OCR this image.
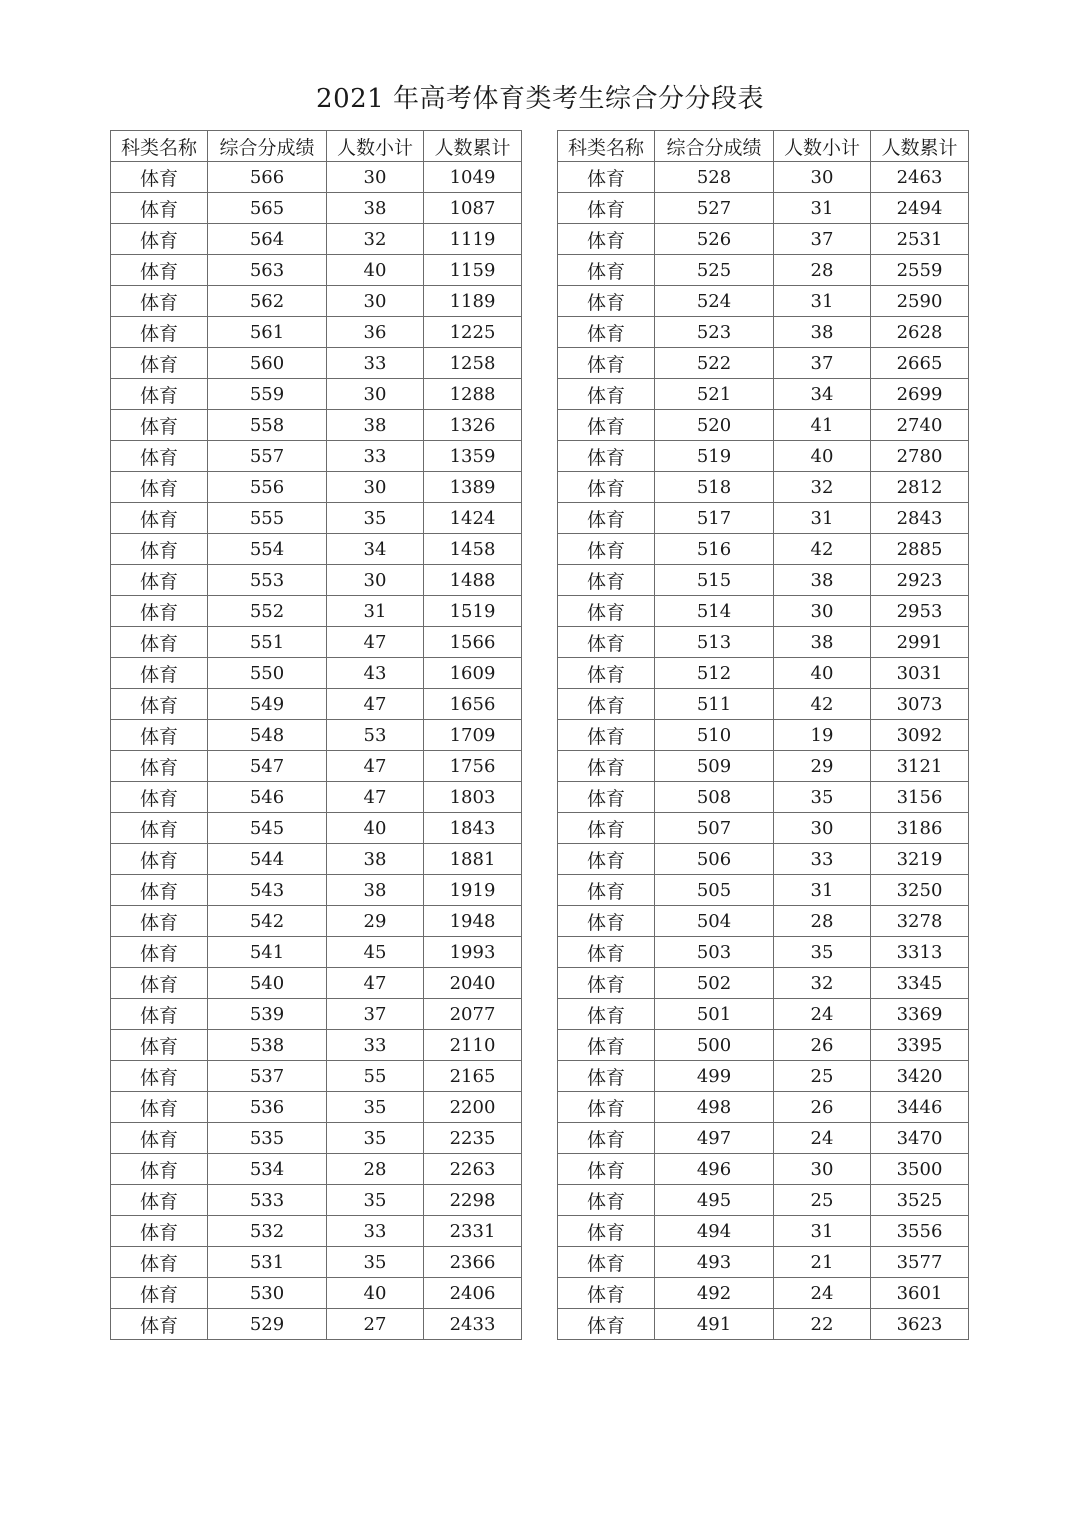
2021 年高考体育类考生综合分分段表
科类名称	综合分成绩	人数小计	人数累计
体育	566	30	1049
体育	565	38	1087
体育	564	32	1119
体育	563	40	1159
体育	562	30	1189
体育	561	36	1225
体育	560	33	1258
体育	559	30	1288
体育	558	38	1326
体育	557	33	1359
体育	556	30	1389
体育	555	35	1424
体育	554	34	1458
体育	553	30	1488
体育	552	31	1519
体育	551	47	1566
体育	550	43	1609
体育	549	47	1656
体育	548	53	1709
体育	547	47	1756
体育	546	47	1803
体育	545	40	1843
体育	544	38	1881
体育	543	38	1919
体育	542	29	1948
体育	541	45	1993
体育	540	47	2040
体育	539	37	2077
体育	538	33	2110
体育	537	55	2165
体育	536	35	2200
体育	535	35	2235
体育	534	28	2263
体育	533	35	2298
体育	532	33	2331
体育	531	35	2366
体育	530	40	2406
体育	529	27	2433
科类名称	综合分成绩	人数小计	人数累计
体育	528	30	2463
体育	527	31	2494
体育	526	37	2531
体育	525	28	2559
体育	524	31	2590
体育	523	38	2628
体育	522	37	2665
体育	521	34	2699
体育	520	41	2740
体育	519	40	2780
体育	518	32	2812
体育	517	31	2843
体育	516	42	2885
体育	515	38	2923
体育	514	30	2953
体育	513	38	2991
体育	512	40	3031
体育	511	42	3073
体育	510	19	3092
体育	509	29	3121
体育	508	35	3156
体育	507	30	3186
体育	506	33	3219
体育	505	31	3250
体育	504	28	3278
体育	503	35	3313
体育	502	32	3345
体育	501	24	3369
体育	500	26	3395
体育	499	25	3420
体育	498	26	3446
体育	497	24	3470
体育	496	30	3500
体育	495	25	3525
体育	494	31	3556
体育	493	21	3577
体育	492	24	3601
体育	491	22	3623
